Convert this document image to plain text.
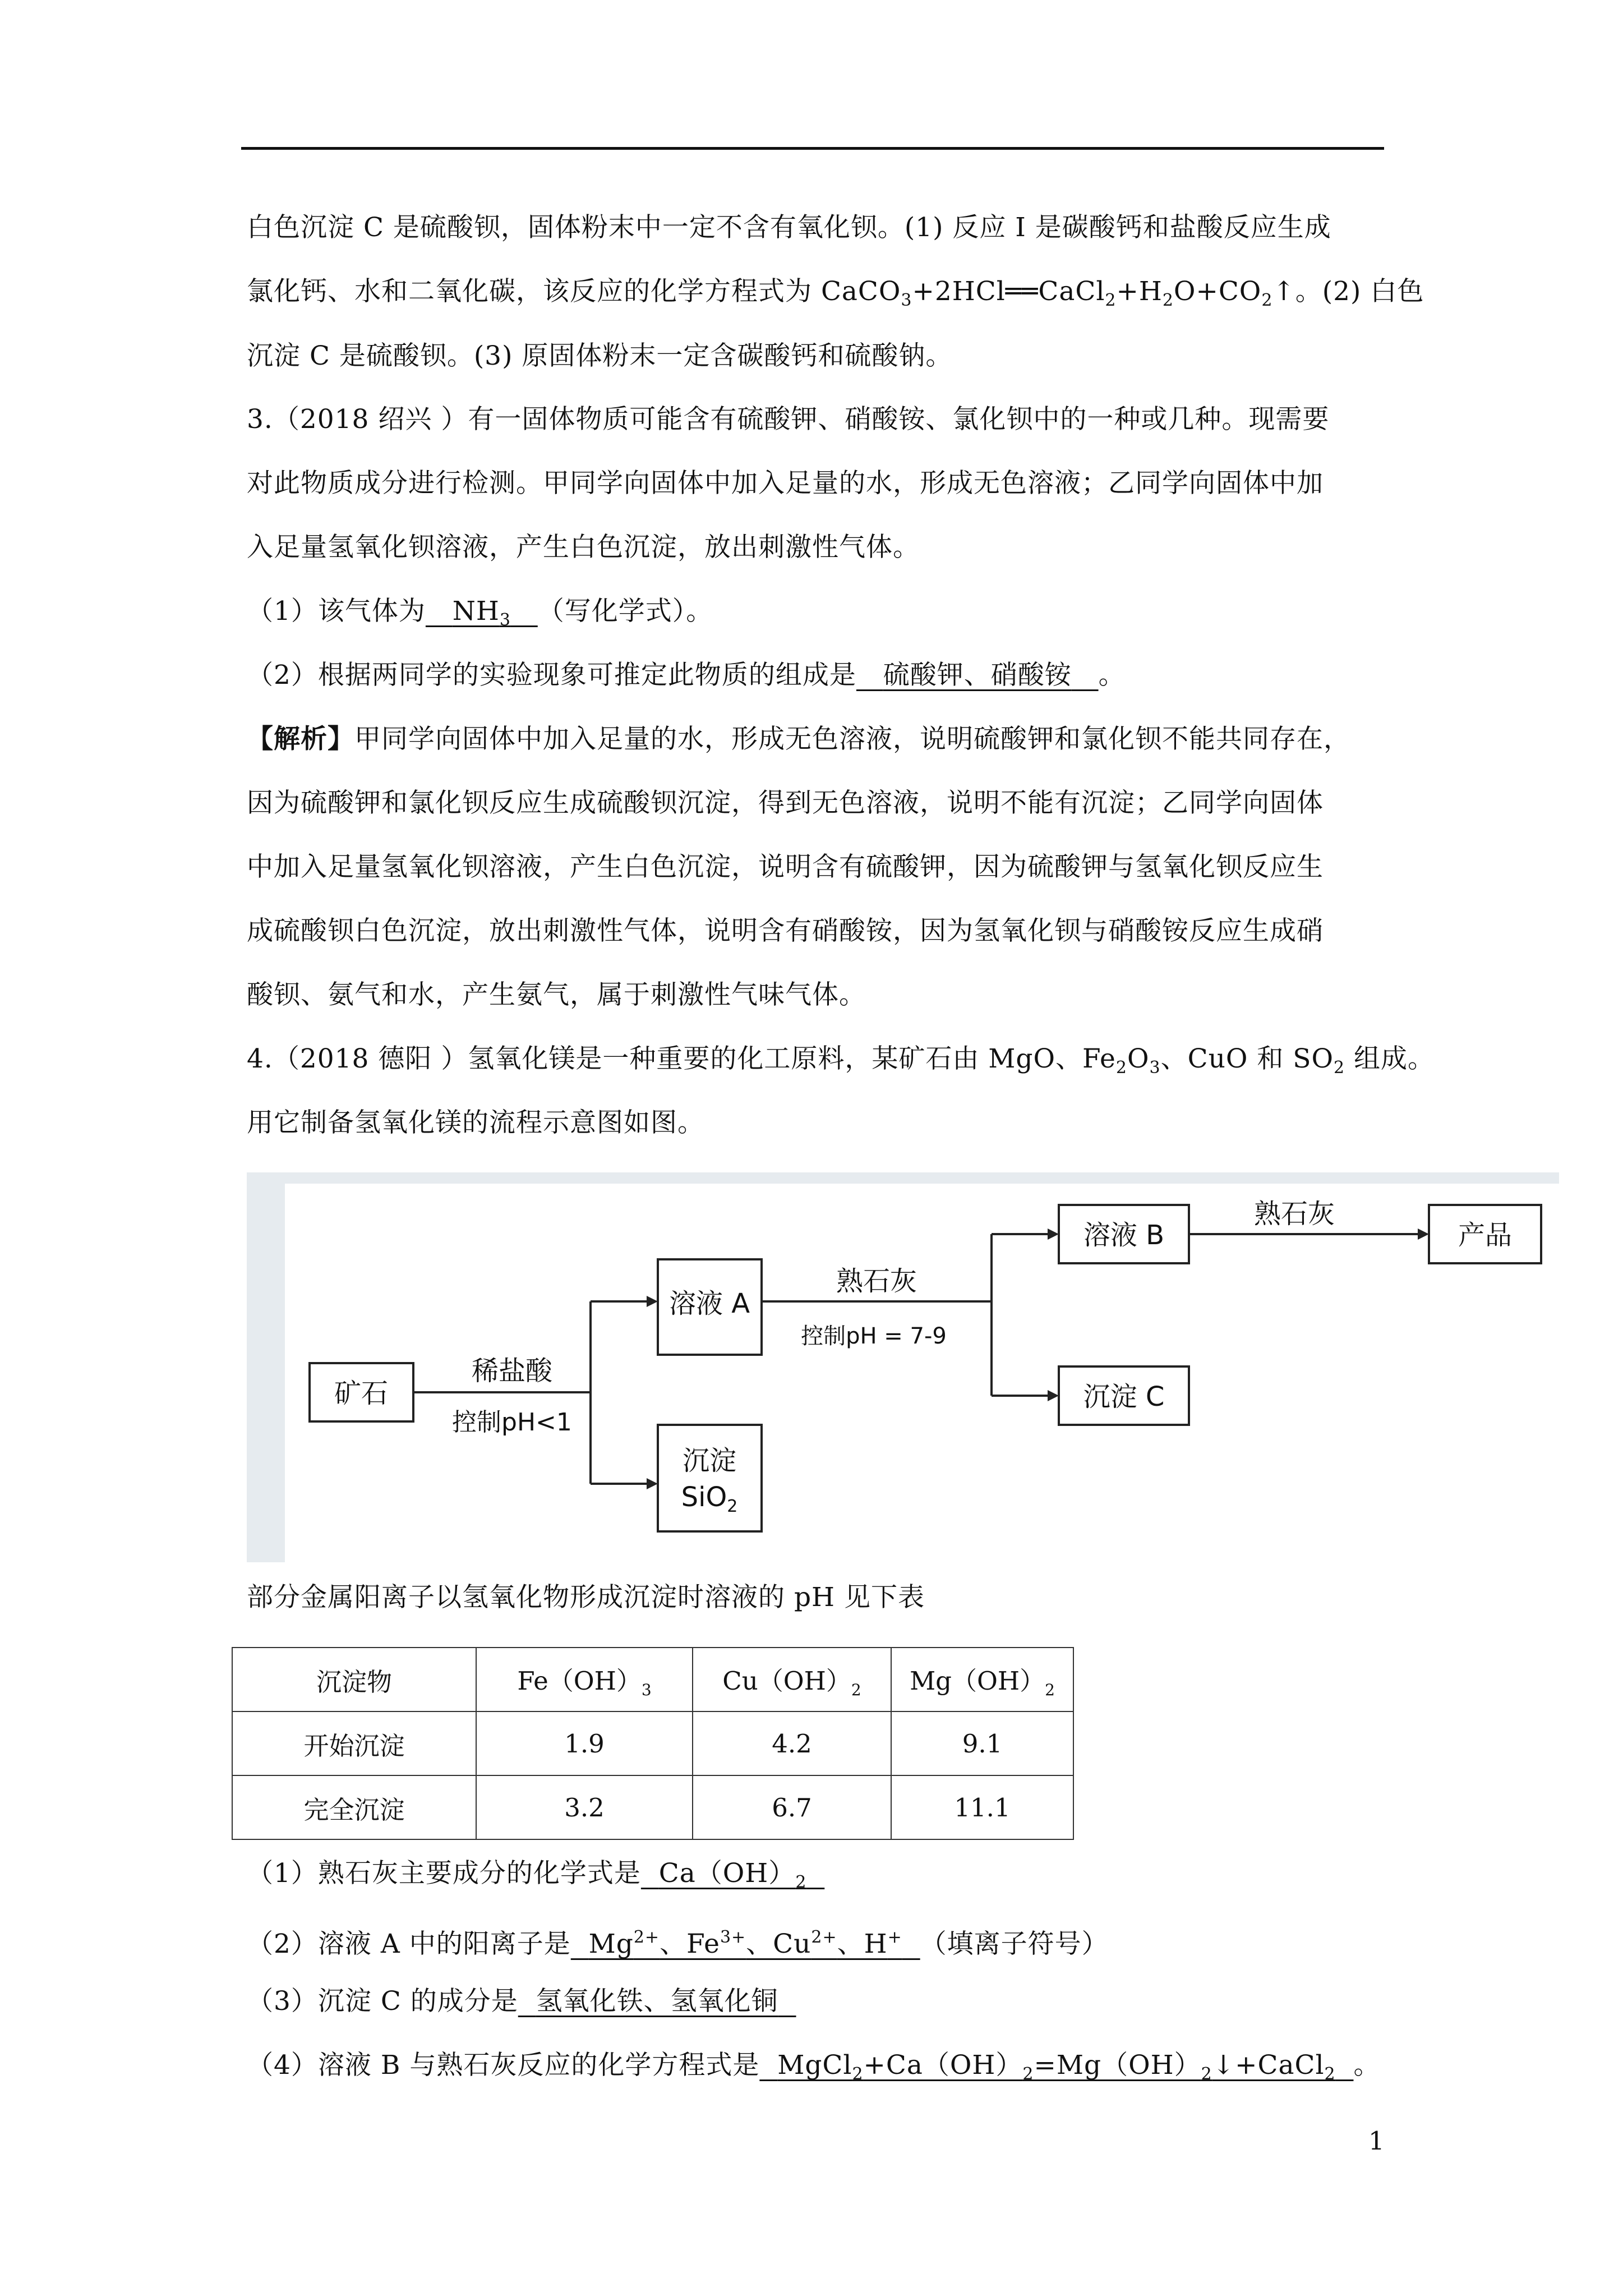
白色沉淀 C 是硫酸钡，固体粉末中一定不含有氧化钡。(1) 反应 I 是碳酸钙和盐酸反应生成
氯化钙、水和二氧化碳，该反应的化学方程式为 $CaCO_3+2HCl══CaCl_2+H_2O+CO_2↑$。(2) 白色
沉淀 C 是硫酸钡。(3) 原固体粉末一定含碳酸钙和硫酸钠。
3.（2018 绍兴 ）有一固体物质可能含有硫酸钾、硝酸铵、氯化钡中的一种或几种。现需要
对此物质成分进行检测。甲同学向固体中加入足量的水，形成无色溶液；乙同学向固体中加
入足量氢氧化钡溶液，产生白色沉淀，放出刺激性气体。
（1）该气体为 $NH_3$ （写化学式）。
（2）根据两同学的实验现象可推定此物质的组成是 硫酸钾、硝酸铵 。
【解析】甲同学向固体中加入足量的水，形成无色溶液，说明硫酸钾和氯化钡不能共同存在，
因为硫酸钾和氯化钡反应生成硫酸钡沉淀，得到无色溶液，说明不能有沉淀；乙同学向固体
中加入足量氢氧化钡溶液，产生白色沉淀，说明含有硫酸钾，因为硫酸钾与氢氧化钡反应生
成硫酸钡白色沉淀，放出刺激性气体，说明含有硝酸铵，因为氢氧化钡与硝酸铵反应生成硝
酸钡、氨气和水，产生氨气，属于刺激性气味气体。
4.（2018 德阳 ）氢氧化镁是一种重要的化工原料，某矿石由 MgO、$Fe_2O_3$、CuO 和 $SO_2$ 组成。
用它制备氢氧化镁的流程示意图如图。
矿石
稀盐酸
控制pH<1
溶液 A
沉淀
SiO$_2$
熟石灰
控制pH = 7-9
溶液 B
沉淀 C
熟石灰
产品
部分金属阳离子以氢氧化物形成沉淀时溶液的 pH 见下表
沉淀物	$Fe(OH)_3$	$Cu(OH)_2$	$Mg(OH)_2$
开始沉淀	1.9	4.2	9.1
完全沉淀	3.2	6.7	11.1
（1）熟石灰主要成分的化学式是 $Ca(OH)_2$
（2）溶液 A 中的阳离子是 $Mg^{2+}$、$Fe^{3+}$、$Cu^{2+}$、H+ （填离子符号）
（3）沉淀 C 的成分是 氢氧化铁、氢氧化铜
（4）溶液 B 与熟石灰反应的化学方程式是 $MgCl_2+Ca(OH)_2=Mg(OH)_2↓+CaCl_2$ 。
1
